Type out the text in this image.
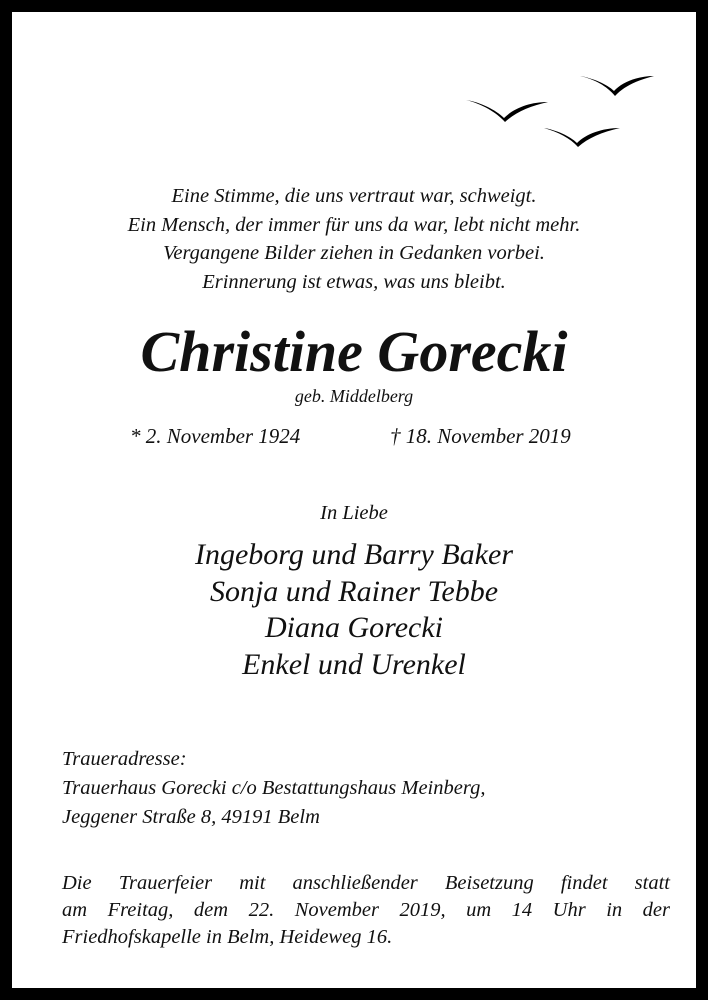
Eine Stimme, die uns vertraut war, schweigt.
Ein Mensch, der immer für uns da war, lebt nicht mehr.
Vergangene Bilder ziehen in Gedanken vorbei.
Erinnerung ist etwas, was uns bleibt.
Christine Gorecki
geb. Middelberg
* 2. November 1924	† 18. November 2019
In Liebe
Ingeborg und Barry Baker
Sonja und Rainer Tebbe
Diana Gorecki
Enkel und Urenkel
Traueradresse:
Trauerhaus Gorecki c/o Bestattungshaus Meinberg,
Jeggener Straße 8, 49191 Belm
Die Trauerfeier mit anschließender Beisetzung findet statt
am Freitag, dem 22. November 2019, um 14 Uhr in der
Friedhofskapelle in Belm, Heideweg 16.
